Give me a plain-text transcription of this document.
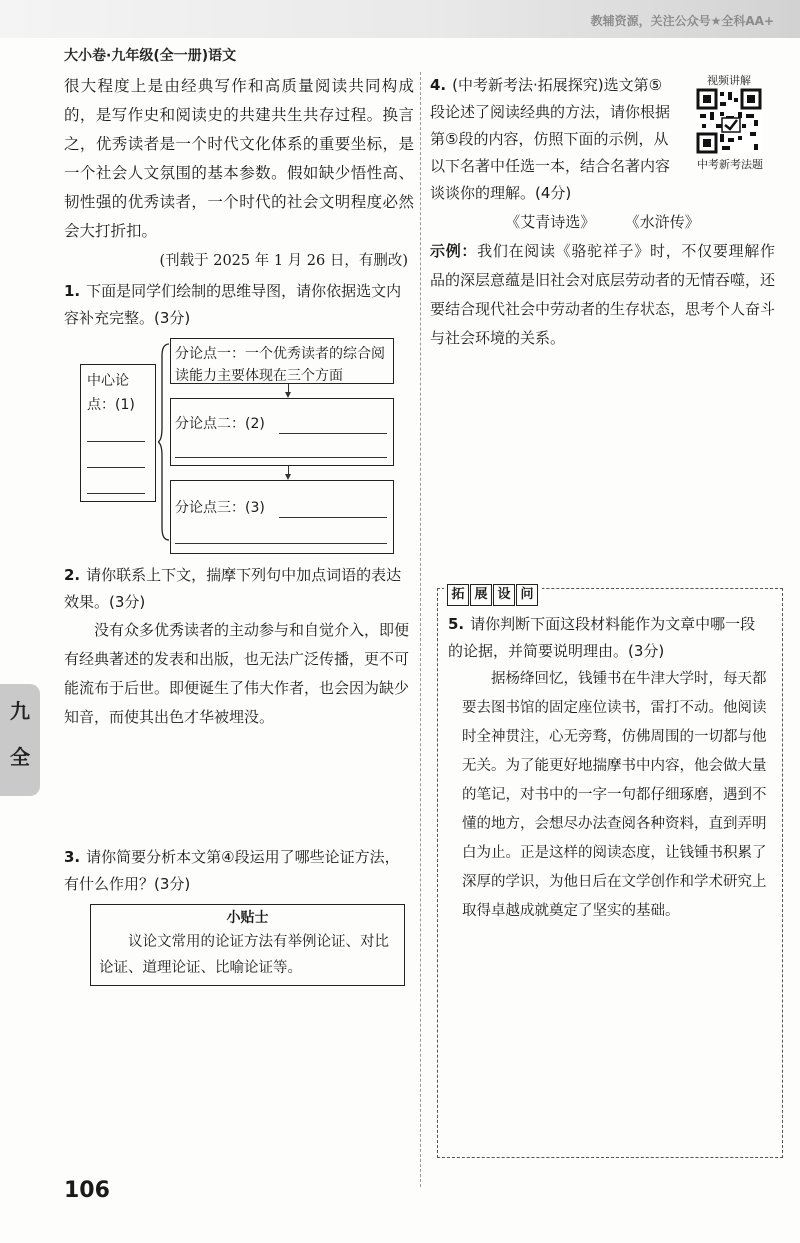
教辅资源，关注公众号★全科AA+
大小卷·九年级(全一册)语文

很大程度上是由经典写作和高质量阅读共同构成的，是写作史和阅读史的共建共生共存过程。换言之，优秀读者是一个时代文化体系的重要坐标，是一个社会人文氛围的基本参数。假如缺少悟性高、韧性强的优秀读者，一个时代的社会文明程度必然会大打折扣。

(刊载于 2025 年 1 月 26 日，有删改)

1. 下面是同学们绘制的思维导图，请你依据选文内容补充完整。(3分)

中心论点：(1)
分论点一：一个优秀读者的综合阅读能力主要体现在三个方面
分论点二：(2)
分论点三：(3)

2. 请你联系上下文，揣摩下列句中加点词语的表达效果。(3分)

没有众多优秀读者的主动参与和自觉介入，即便有经典著述的发表和出版，也无法广泛传播，更不可能流布于后世。即便诞生了伟大作者，也会因为缺少知音，而使其出色才华被埋没。

3. 请你简要分析本文第④段运用了哪些论证方法，有什么作用？(3分)

小贴士
议论文常用的论证方法有举例论证、对比论证、道理论证、比喻论证等。
视频讲解
中考新考法题

4. (中考新考法·拓展探究)选文第⑤段论述了阅读经典的方法，请你根据第⑤段的内容，仿照下面的示例，从以下名著中任选一本，结合名著内容谈谈你的理解。(4分)

《艾青诗选》 《水浒传》

示例：我们在阅读《骆驼祥子》时，不仅要理解作品的深层意蕴是旧社会对底层劳动者的无情吞噬，还要结合现代社会中劳动者的生存状态，思考个人奋斗与社会环境的关系。

5. 请你判断下面这段材料能作为文章中哪一段的论据，并简要说明理由。(3分)

据杨绛回忆，钱锺书在牛津大学时，每天都要去图书馆的固定座位读书，雷打不动。他阅读时全神贯注，心无旁骛，仿佛周围的一切都与他无关。为了能更好地揣摩书中内容，他会做大量的笔记，对书中的一字一句都仔细琢磨，遇到不懂的地方，会想尽办法查阅各种资料，直到弄明白为止。正是这样的阅读态度，让钱锺书积累了深厚的学识，为他日后在文学创作和学术研究上取得卓越成就奠定了坚实的基础。

拓 展 设 问
九
全
106
